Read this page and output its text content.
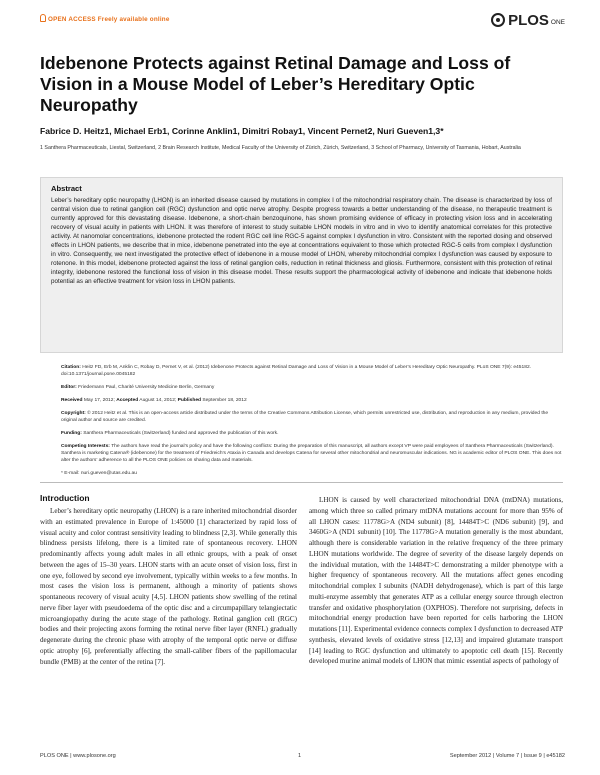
OPEN ACCESS Freely available online	PLOS ONE
Idebenone Protects against Retinal Damage and Loss of Vision in a Mouse Model of Leber’s Hereditary Optic Neuropathy
Fabrice D. Heitz1, Michael Erb1, Corinne Anklin1, Dimitri Robay1, Vincent Pernet2, Nuri Gueven1,3*
1 Santhera Pharmaceuticals, Liestal, Switzerland, 2 Brain Research Institute, Medical Faculty of the University of Zürich, Zürich, Switzerland, 3 School of Pharmacy, University of Tasmania, Hobart, Australia
Abstract
Leber’s hereditary optic neuropathy (LHON) is an inherited disease caused by mutations in complex I of the mitochondrial respiratory chain. The disease is characterized by loss of central vision due to retinal ganglion cell (RGC) dysfunction and optic nerve atrophy. Despite progress towards a better understanding of the disease, no therapeutic treatment is currently approved for this devastating disease. Idebenone, a short-chain benzoquinone, has shown promising evidence of efficacy in protecting vision loss and in accelerating recovery of visual acuity in patients with LHON. It was therefore of interest to study suitable LHON models in vitro and in vivo to identify anatomical correlates for this protective activity. At nanomolar concentrations, idebenone protected the rodent RGC cell line RGC-5 against complex I dysfunction in vitro. Consistent with the reported dosing and observed effects in LHON patients, we describe that in mice, idebenone penetrated into the eye at concentrations equivalent to those which protected RGC-5 cells from complex I dysfunction in vitro. Consequently, we next investigated the protective effect of idebenone in a mouse model of LHON, whereby mitochondrial complex I dysfunction was caused by exposure to rotenone. In this model, idebenone protected against the loss of retinal ganglion cells, reduction in retinal thickness and gliosis. Furthermore, consistent with this protection of retinal integrity, idebenone restored the functional loss of vision in this disease model. These results support the pharmacological activity of idebenone and indicate that idebenone holds potential as an effective treatment for vision loss in LHON patients.

Citation: Heitz FD, Erb M, Anklin C, Robay D, Pernet V, et al. (2012) Idebenone Protects against Retinal Damage and Loss of Vision in a Mouse Model of Leber’s Hereditary Optic Neuropathy. PLoS ONE 7(9): e45182. doi:10.1371/journal.pone.0045182

Editor: Friedemann Paul, Charité University Medicine Berlin, Germany

Received May 17, 2012; Accepted August 14, 2012; Published September 18, 2012

Copyright: © 2012 Heitz et al. This is an open-access article distributed under the terms of the Creative Commons Attribution License, which permits unrestricted use, distribution, and reproduction in any medium, provided the original author and source are credited.

Funding: Santhera Pharmaceuticals (Switzerland) funded and approved the publication of this work.

Competing Interests: The authors have read the journal’s policy and have the following conflicts: During the preparation of this manuscript, all authors except VP were paid employees of Santhera Pharmaceuticals (Switzerland). Santhera is marketing Catena® (idebenone) for the treatment of Friedreich’s Ataxia in Canada and develops Catena for several other mitochondrial and neuromuscular indications. NG is academic editor of PLOS ONE. This does not alter the authors’ adherence to all the PLOS ONE policies on sharing data and materials.

* E-mail: nuri.gueven@utas.edu.au

Introduction

Leber’s hereditary optic neuropathy (LHON) is a rare inherited mitochondrial disorder with an estimated prevalence in Europe of 1:45000 [1] characterized by rapid loss of visual acuity and color contrast sensitivity leading to blindness [2,3]. While generally this blindness persists lifelong, there is a limited rate of spontaneous recovery. LHON predominantly affects young adult males in all ethnic groups, with a peak of onset between the ages of 15–30 years. LHON starts with an acute onset of vision loss, first in one eye, followed by second eye involvement, typically within weeks to a few months. In most cases the vision loss is permanent, although a minority of patients shows spontaneous recovery of visual acuity [4,5]. LHON patients show swelling of the retinal nerve fiber layer with pseudoedema of the optic disc and a circumpapillary telangiectatic microangiopathy during the acute stage of the pathology. Retinal ganglion cell (RGC) bodies and their projecting axons forming the retinal nerve fiber layer (RNFL) gradually degenerate during the chronic phase with atrophy of the temporal optic nerve or diffuse optic atrophy [6], preferentially affecting the small-caliber fibers of the papillomacular bundle (PMB) at the center of the retina [7].

LHON is caused by well characterized mitochondrial DNA (mtDNA) mutations, among which three so called primary mtDNA mutations account for more than 95% of all LHON cases: 11778G>A (ND4 subunit) [8], 14484T>C (ND6 subunit) [9], and 3460G>A (ND1 subunit) [10]. The 11778G>A mutation generally is the most abundant, although there is considerable variation in the relative frequency of the three primary LHON mutations worldwide. The degree of severity of the disease largely depends on the individual mutation, with the 14484T>C demonstrating a milder phenotype with a higher frequency of spontaneous recovery. All the mutations affect genes encoding mitochondrial complex I subunits (NADH dehydrogenase), which is part of this large multi-enzyme assembly that generates ATP as a cellular energy source through electron transfer and oxidative phosphorylation (OXPHOS). Therefore not surprising, defects in mitochondrial energy production have been reported for cells harboring the LHON mutations [11]. Experimental evidence connects complex I dysfunction to decreased ATP synthesis, elevated levels of oxidative stress [12,13] and impaired glutamate transport [14] leading to RGC dysfunction and ultimately to apoptotic cell death [15]. Recently developed murine animal models of LHON that mimic essential aspects of pathology of

PLOS ONE | www.plosone.org	1	September 2012 | Volume 7 | Issue 9 | e45182
